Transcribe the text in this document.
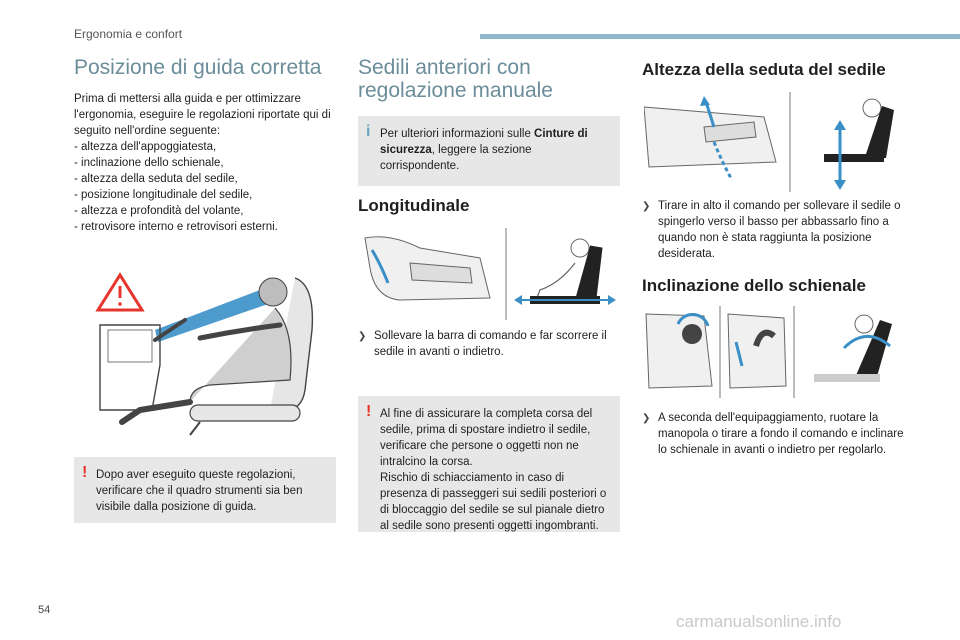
Ergonomia e confort
Posizione di guida corretta

Prima di mettersi alla guida e per ottimizzare l'ergonomia, eseguire le regolazioni riportate qui di seguito nell'ordine seguente:

- altezza dell'appoggiatesta,
- inclinazione dello schienale,
- altezza della seduta del sedile,
- posizione longitudinale del sedile,
- altezza e profondità del volante,
- retrovisore interno e retrovisori esterni.
! Dopo aver eseguito queste regolazioni, verificare che il quadro strumenti sia ben visibile dalla posizione di guida.
Sedili anteriori con regolazione manuale
i Per ulteriori informazioni sulle Cinture di sicurezza, leggere la sezione corrispondente.
Longitudinale
❯ Sollevare la barra di comando e far scorrere il sedile in avanti o indietro.
! Al fine di assicurare la completa corsa del sedile, prima di spostare indietro il sedile, verificare che persone o oggetti non ne intralcino la corsa.
Rischio di schiacciamento in caso di presenza di passeggeri sui sedili posteriori o di bloccaggio del sedile se sul pianale dietro al sedile sono presenti oggetti ingombranti.
Altezza della seduta del sedile
❯ Tirare in alto il comando per sollevare il sedile o spingerlo verso il basso per abbassarlo fino a quando non è stata raggiunta la posizione desiderata.
Inclinazione dello schienale
❯ A seconda dell'equipaggiamento, ruotare la manopola o tirare a fondo il comando e inclinare lo schienale in avanti o indietro per regolarlo.
54
carmanualsonline.info
